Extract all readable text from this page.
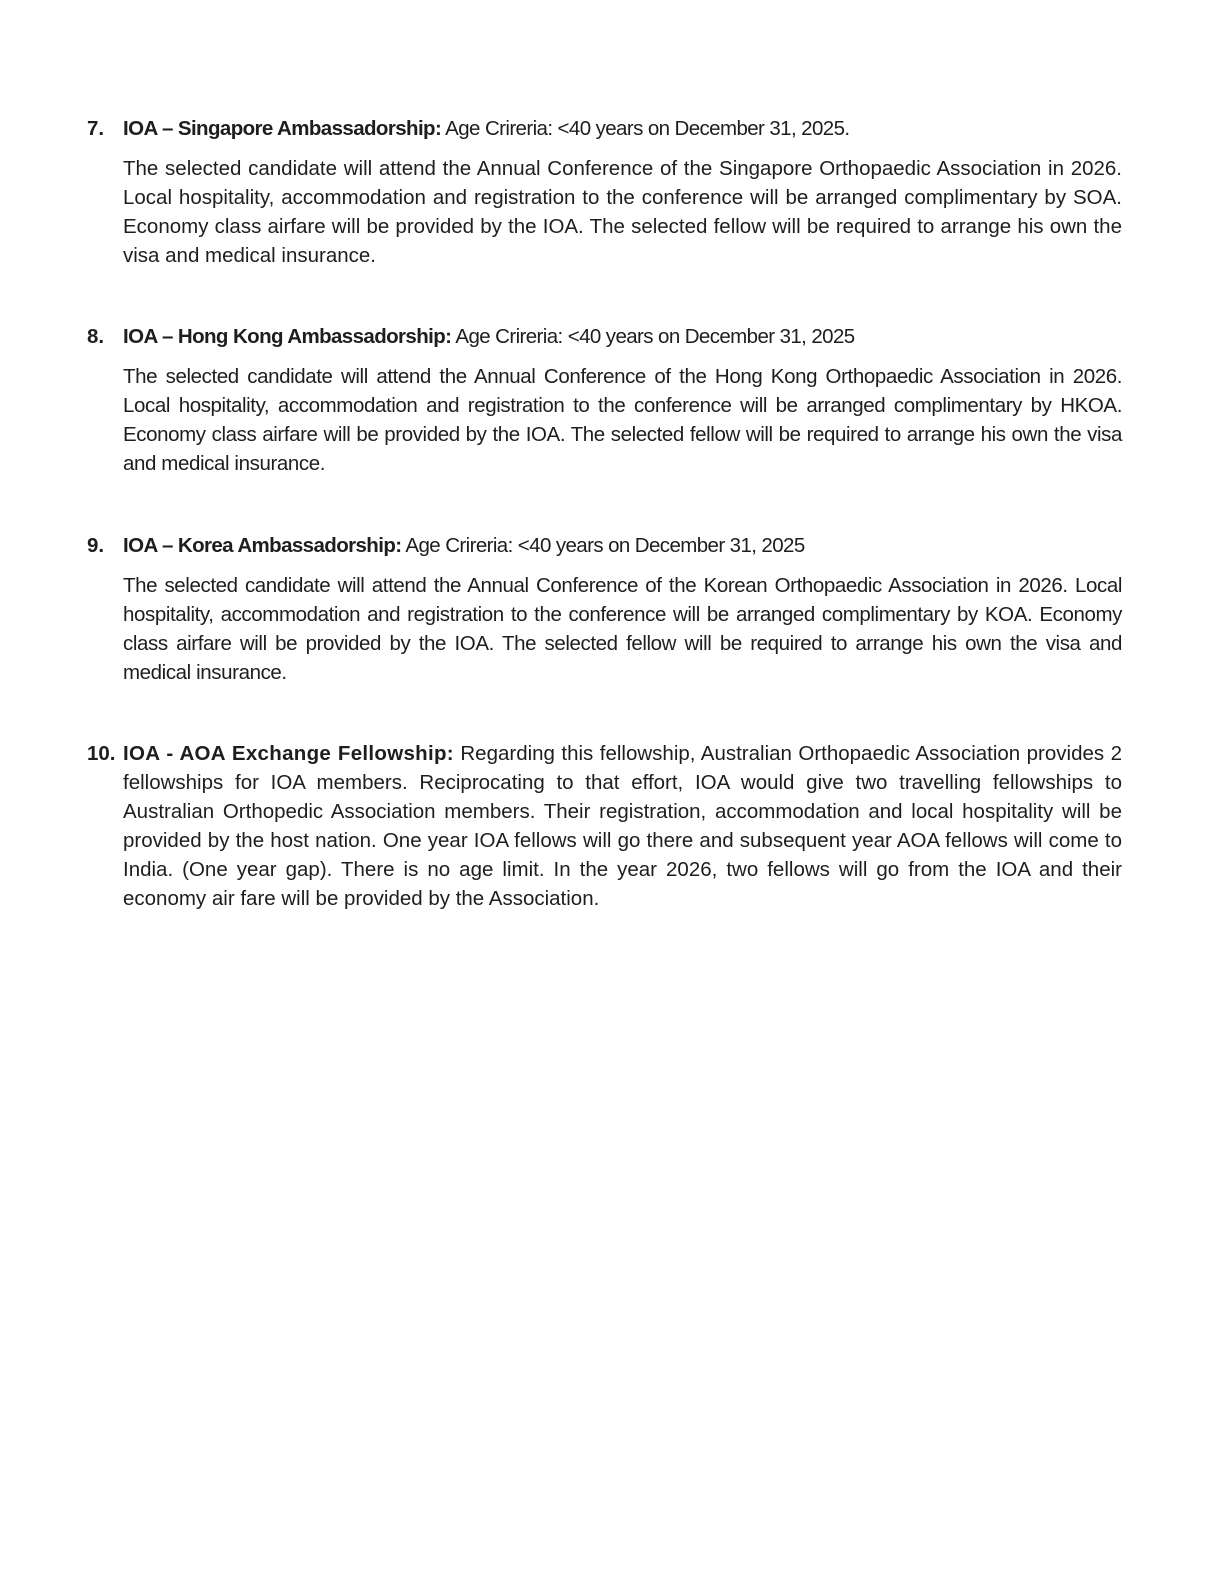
7. IOA – Singapore Ambassadorship: Age Crireria: <40 years on December 31, 2025.
The selected candidate will attend the Annual Conference of the Singapore Orthopaedic Association in 2026. Local hospitality, accommodation and registration to the conference will be arranged complimentary by SOA. Economy class airfare will be provided by the IOA. The selected fellow will be required to arrange his own the visa and medical insurance.
8. IOA – Hong Kong Ambassadorship: Age Crireria: <40 years on December 31, 2025
The selected candidate will attend the Annual Conference of the Hong Kong Orthopaedic Association in 2026. Local hospitality, accommodation and registration to the conference will be arranged complimentary by HKOA. Economy class airfare will be provided by the IOA. The selected fellow will be required to arrange his own the visa and medical insurance.
9. IOA – Korea Ambassadorship: Age Crireria: <40 years on December 31, 2025
The selected candidate will attend the Annual Conference of the Korean Orthopaedic Association in 2026. Local hospitality, accommodation and registration to the conference will be arranged complimentary by KOA. Economy class airfare will be provided by the IOA. The selected fellow will be required to arrange his own the visa and medical insurance.
10. IOA - AOA Exchange Fellowship: Regarding this fellowship, Australian Orthopaedic Association provides 2 fellowships for IOA members. Reciprocating to that effort, IOA would give two travelling fellowships to Australian Orthopedic Association members. Their registration, accommodation and local hospitality will be provided by the host nation. One year IOA fellows will go there and subsequent year AOA fellows will come to India. (One year gap). There is no age limit. In the year 2026, two fellows will go from the IOA and their economy air fare will be provided by the Association.
